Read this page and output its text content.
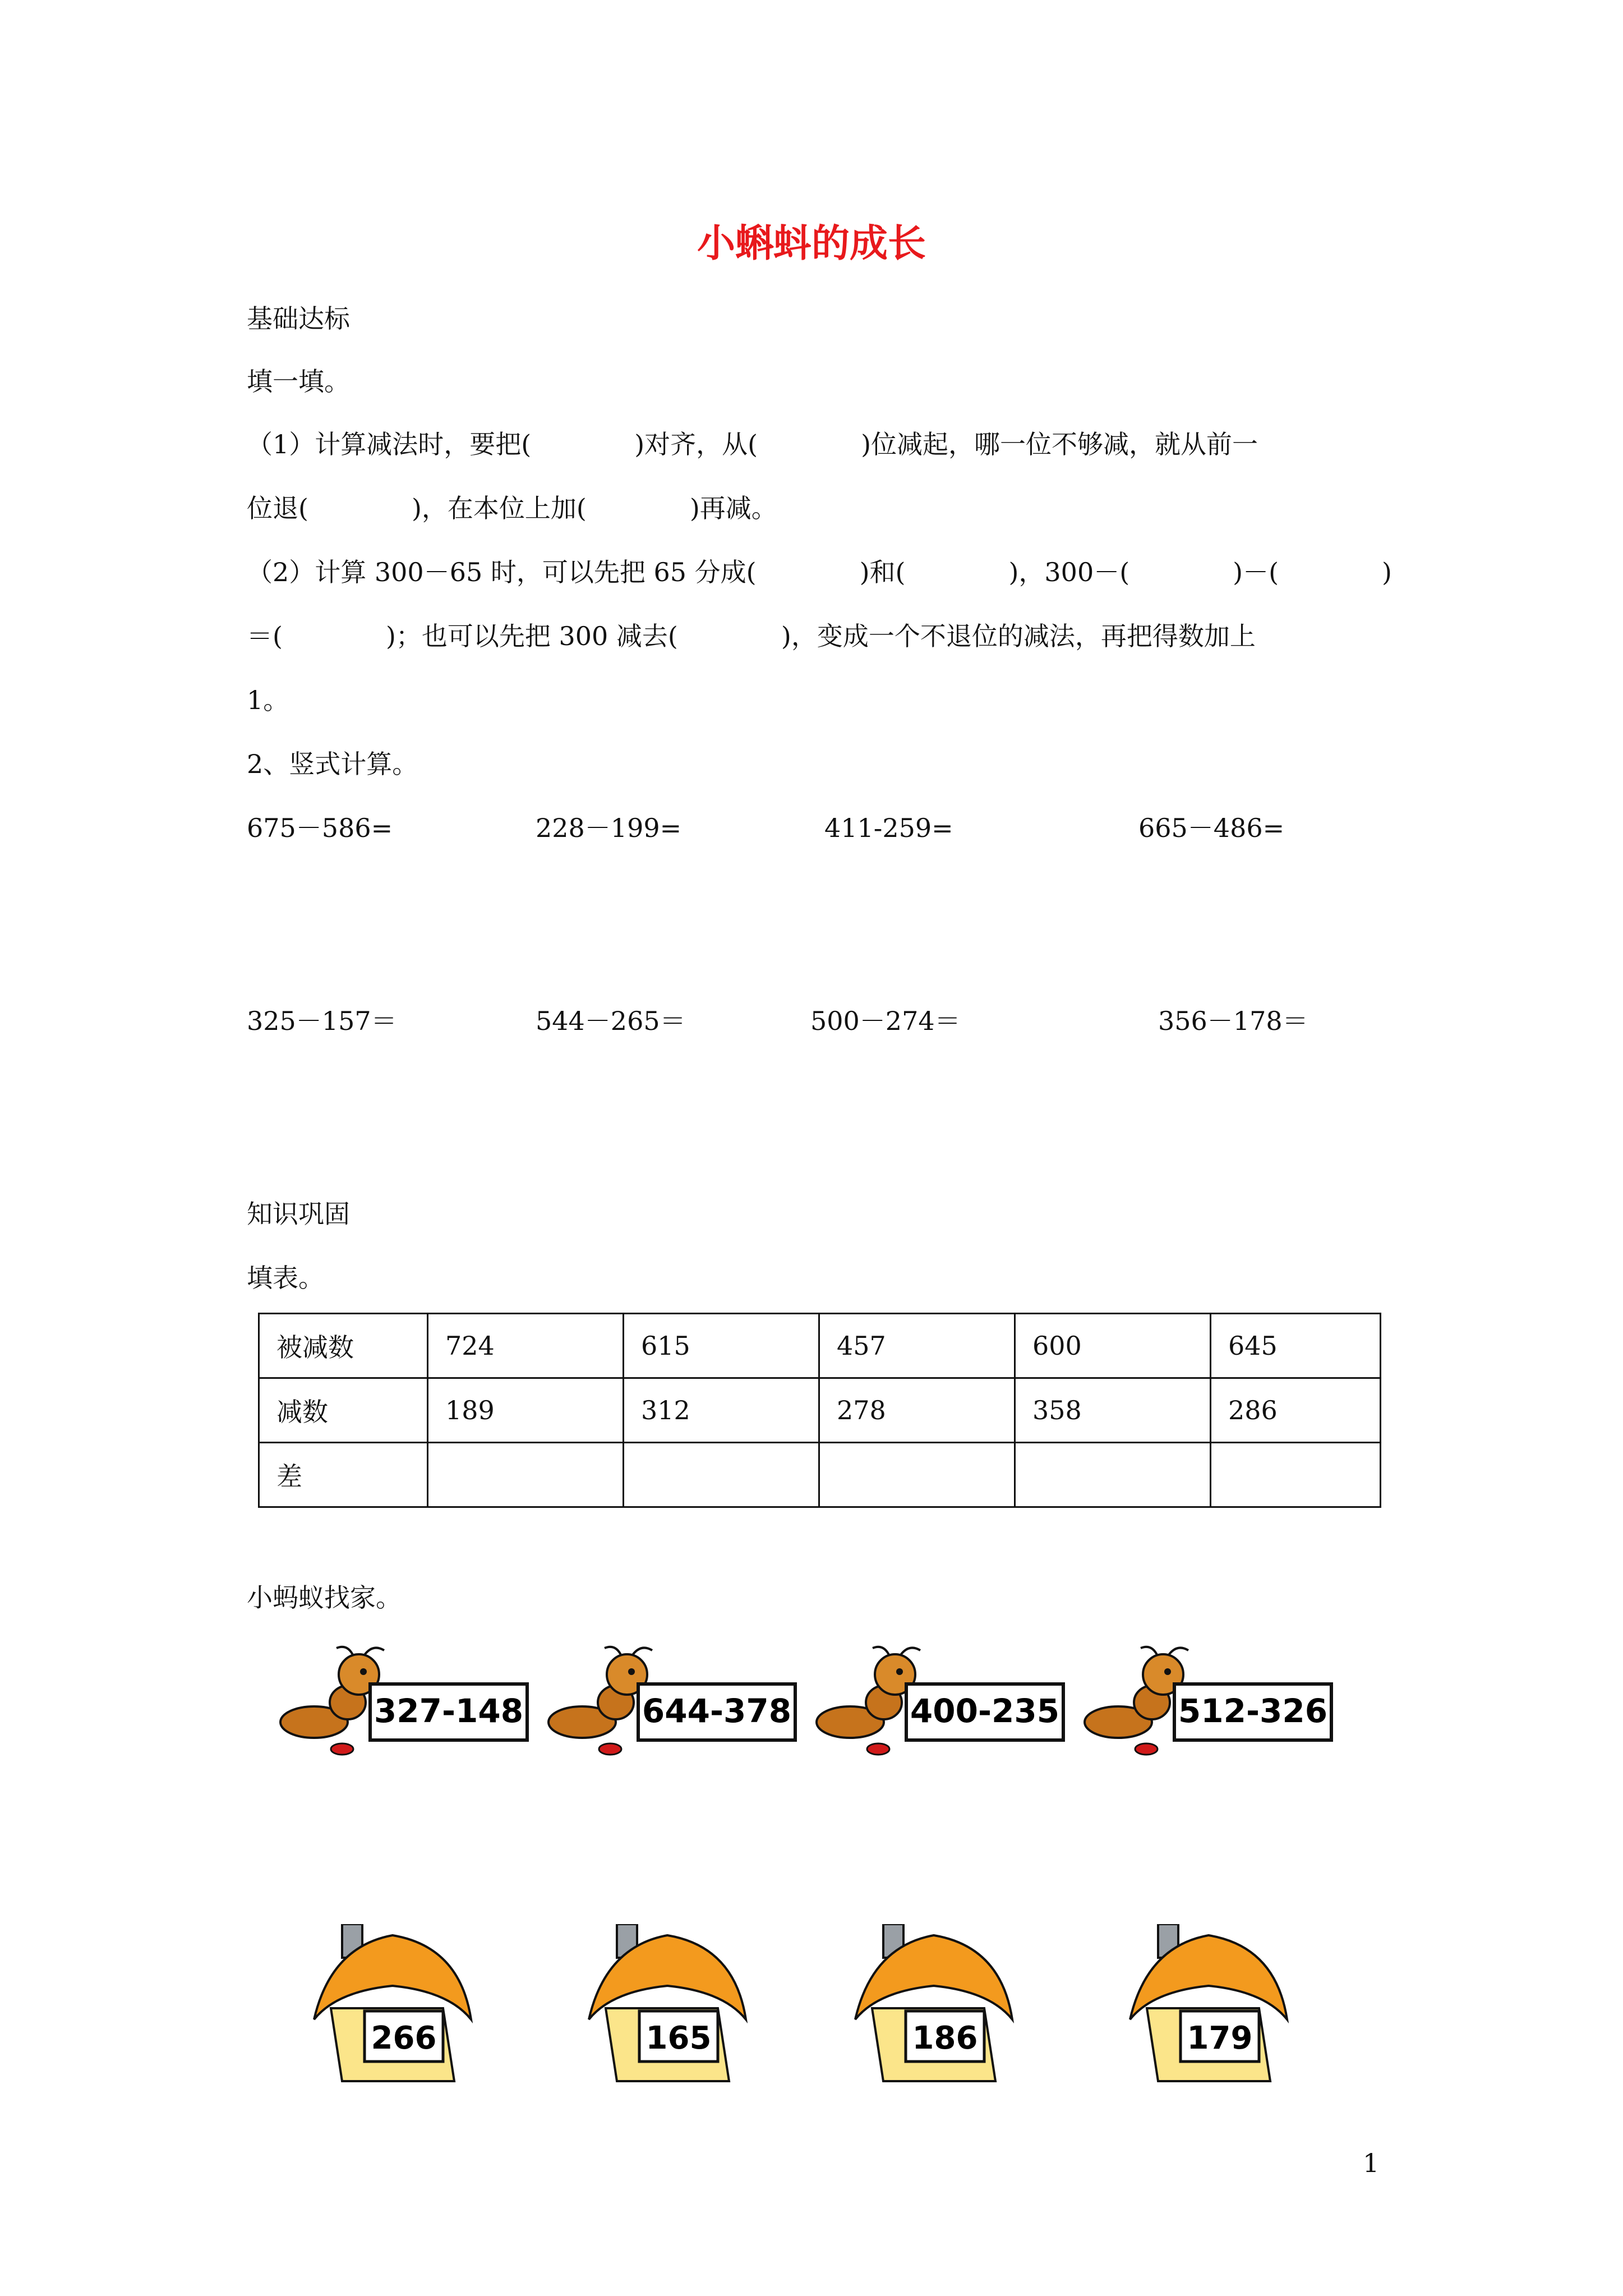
小蝌蚪的成长
基础达标
填一填。
（1）计算减法时，要把(　　　　)对齐，从(　　　　)位减起，哪一位不够减，就从前一
位退(　　　　)，在本位上加(　　　　)再减。
（2）计算 300－65 时，可以先把 65 分成(　　　　)和(　　　　)，300－(　　　　)－(　　　　)
＝(　　　　)；也可以先把 300 减去(　　　　)，变成一个不退位的减法，再把得数加上
1。
2、竖式计算。
675－586=	228－199=	411-259=	665－486=
325－157＝	544－265＝	500－274＝	356－178＝
知识巩固
填表。
被减数	724	615	457	600	645
减数	189	312	278	358	286
差					
小蚂蚁找家。
327-148	644-378	400-235	512-326
266	165	186	179
1
